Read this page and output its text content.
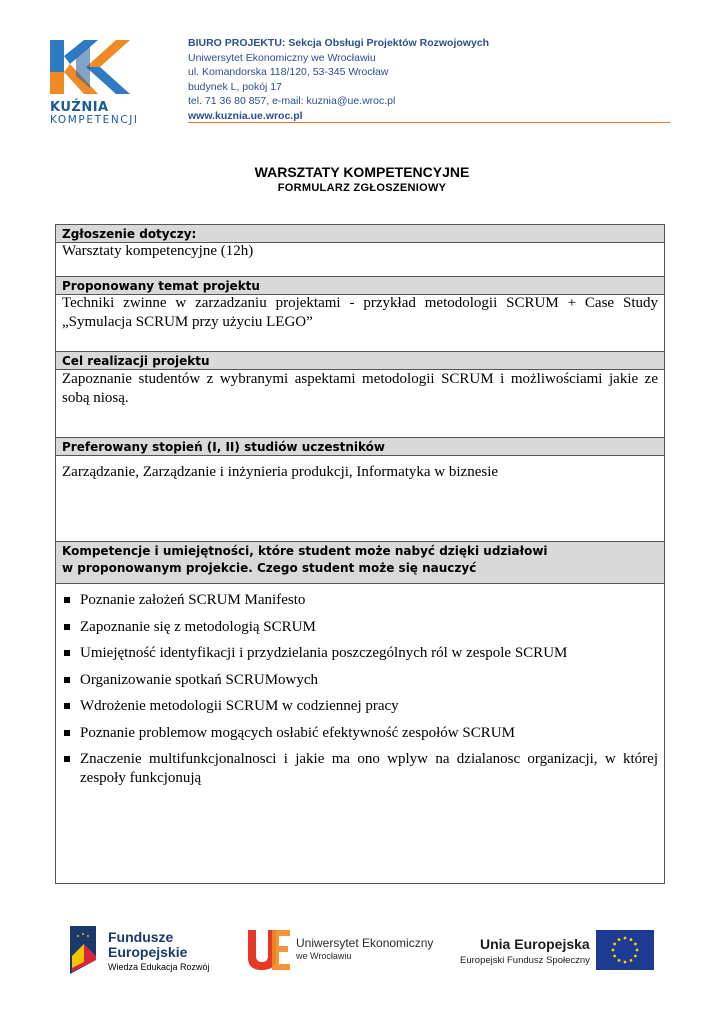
KUŹNIA
KOMPETENCJI
BIURO PROJEKTU: Sekcja Obsługi Projektów Rozwojowych
Uniwersytet Ekonomiczny we Wrocławiu
ul. Komandorska 118/120, 53-345 Wrocław
budynek L, pokój 17
tel. 71 36 80 857, e-mail: kuznia@ue.wroc.pl
www.kuznia.ue.wroc.pl
WARSZTATY KOMPETENCYJNE
FORMULARZ ZGŁOSZENIOWY
Zgłoszenie dotyczy:
Warsztaty kompetencyjne (12h)
Proponowany temat projektu
Techniki zwinne w zarzadzaniu projektami - przykład metodologii SCRUM + Case Study „Symulacja SCRUM przy użyciu LEGO”
Cel realizacji projektu
Zapoznanie studentów z wybranymi aspektami metodologii SCRUM i możliwościami jakie ze sobą niosą.
Preferowany stopień (I, II) studiów uczestników
Zarządzanie, Zarządzanie i inżynieria produkcji, Informatyka w biznesie
Kompetencje i umiejętności, które student może nabyć dzięki udziałowi
w proponowanym projekcie. Czego student może się nauczyć
Poznanie założeń SCRUM Manifesto
Zapoznanie się z metodologią SCRUM
Umiejętność identyfikacji i przydzielania poszczególnych ról w zespole SCRUM
Organizowanie spotkań SCRUMowych
Wdrożenie metodologii SCRUM w codziennej pracy
Poznanie problemow mogących osłabić efektywność zespołów SCRUM
Znaczenie multifunkcjonalnosci i jakie ma ono wplyw na dzialanosc organizacji, w której zespoły funkcjonują
Fundusze
Europejskie
Wiedza Edukacja Rozwój
Uniwersytet Ekonomiczny
we Wrocławiu
Unia Europejska
Europejski Fundusz Społeczny
